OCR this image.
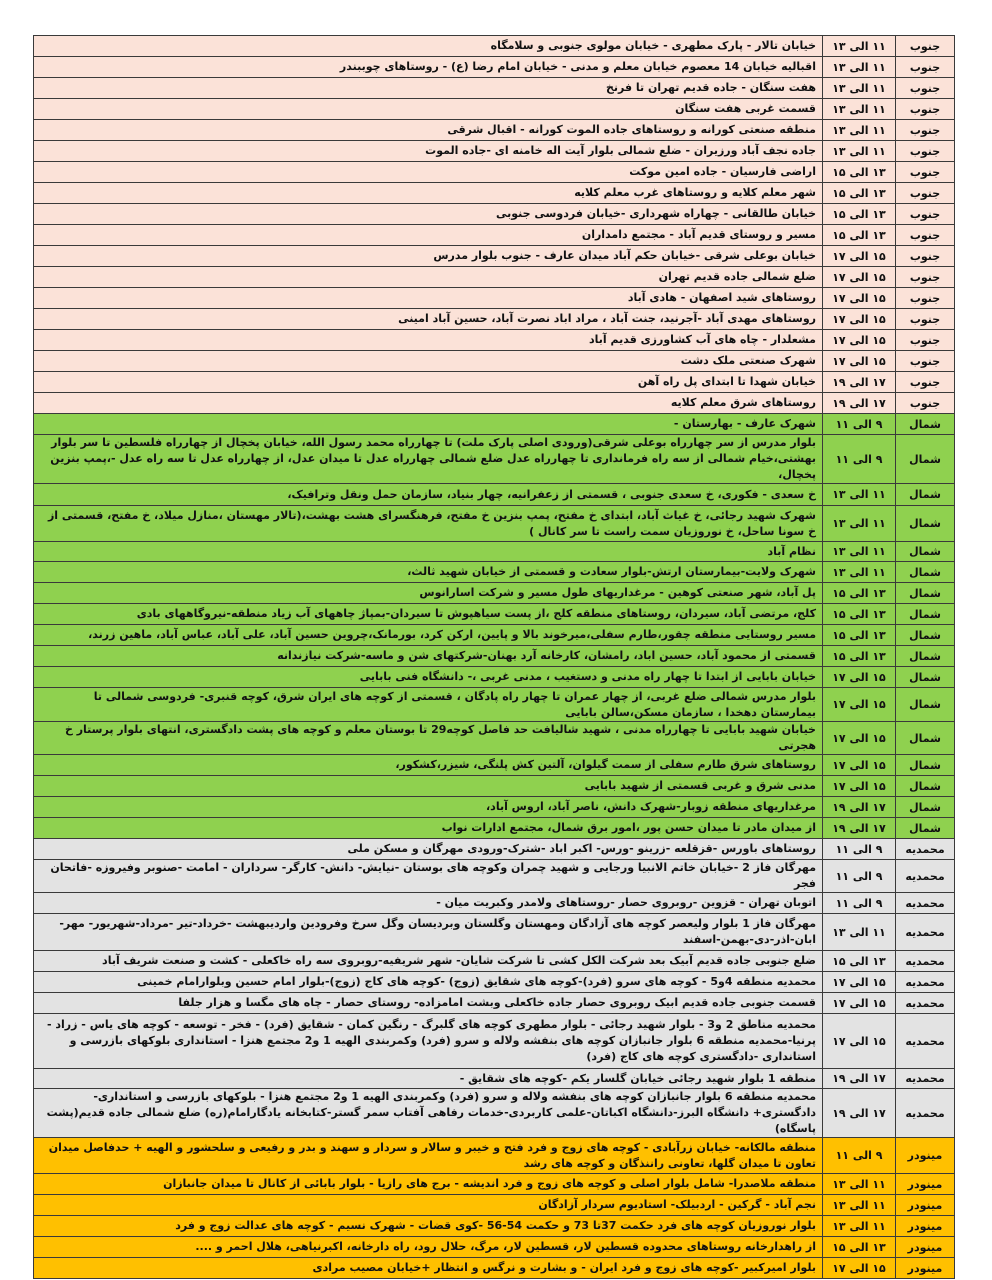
جنوب	۱۱ الی ۱۳	خیابان تالار - پارک مطهری - خیابان مولوی جنوبی و سلامگاه
جنوب	۱۱ الی ۱۳	اقبالیه خیابان 14 معصوم خیابان معلم و مدنی - خیابان امام رضا (ع) - روستاهای چوببندر
جنوب	۱۱ الی ۱۳	هفت سنگان - جاده قدیم تهران تا فرنخ
جنوب	۱۱ الی ۱۳	قسمت غربی هفت سنگان
جنوب	۱۱ الی ۱۳	منطقه صنعتی کورانه و روستاهای جاده الموت کورانه - اقبال شرقی
جنوب	۱۱ الی ۱۳	جاده نجف آباد ورزیران - ضلع شمالی بلوار آیت اله خامنه ای -جاده الموت
جنوب	۱۳ الی ۱۵	اراضی فارسیان - جاده امین موکت
جنوب	۱۳ الی ۱۵	شهر معلم کلایه و روستاهای غرب معلم کلایه
جنوب	۱۳ الی ۱۵	خیابان طالقانی - چهاراه شهرداری -خیابان فردوسی جنوبی
جنوب	۱۳ الی ۱۵	مسیر و روستای قدیم آباد - مجتمع دامداران
جنوب	۱۵ الی ۱۷	خیابان بوعلی شرقی -خیابان حکم آباد میدان عارف - جنوب بلوار مدرس
جنوب	۱۵ الی ۱۷	ضلع شمالی جاده قدیم تهران
جنوب	۱۵ الی ۱۷	روستاهای شید اصفهان - هادی آباد
جنوب	۱۵ الی ۱۷	روستاهای مهدی آباد -آجرنید، جنت آباد ، مراد اباد نصرت آباد، حسین آباد امینی
جنوب	۱۵ الی ۱۷	مشعلدار - چاه های آب کشاورزی قدیم آباد
جنوب	۱۵ الی ۱۷	شهرک صنعتی ملک دشت
جنوب	۱۷ الی ۱۹	خیابان شهدا تا ابتدای پل راه آهن
جنوب	۱۷ الی ۱۹	روستاهای شرق معلم کلایه
شمال	۹ الی ۱۱	شهرک عارف - بهارستان -
شمال	۹ الی ۱۱	بلوار مدرس از سر چهارراه بوعلی شرقی(ورودی اصلی پارک ملت) تا چهارراه محمد رسول الله، خیابان پخچال از چهارراه فلسطین تا سر بلوار بهشتی،خیام شمالی از سه راه فرمانداری تا چهارراه عدل ضلع شمالی چهارراه عدل تا میدان عدل، از چهارراه عدل تا سه راه عدل -،پمپ بنزین پخچال،
شمال	۱۱ الی ۱۳	خ سعدی - فکوری، خ سعدی جنوبی ، قسمتی از زعفرانیه، چهار بنیاد، سازمان حمل ونقل وترافیک،
شمال	۱۱ الی ۱۳	شهرک شهید رجائی، خ غیاث آباد، ابتدای خ مفتح، پمپ بنزین خ مفتح، فرهنگسرای هشت بهشت،(تالار مهستان ،منازل میلاد، خ مفتح، قسمتی از خ سونا ساحل، خ نوروزیان سمت راست تا سر کانال )
شمال	۱۱ الی ۱۳	نظام آباد
شمال	۱۱ الی ۱۳	شهرک ولایت-بیمارستان ارتش-بلوار سعادت و قسمتی از خیابان شهید ثالث،
شمال	۱۳ الی ۱۵	پل آباد، شهر صنعتی کوهین - مرغداریهای طول مسیر و شرکت اسارانوس
شمال	۱۳ الی ۱۵	کلج، مرتضی آباد، سیردان، روستاهای منطقه کلج ،از پست سیاهپوش تا سیردان-بمپاژ چاههای آب زیاد منطقه-نیروگاههای بادی
شمال	۱۳ الی ۱۵	مسیر روستایی منطقه چقور،طارم سفلی،میرخوند بالا و پایین، ارکن کرد، بورمانک،چروین حسین آباد، علی آباد، عباس آباد، ماهین زرند،
شمال	۱۳ الی ۱۵	قسمتی از محمود آباد، حسین اباد، رامشان، کارخانه آرد بهنان-شرکتهای شن و ماسه-شرکت نیازندانه
شمال	۱۵ الی ۱۷	خیابان بابایی از ابتدا تا چهار راه مدنی و دستغیب ، مدنی غربی ،- دانشگاه فنی بابایی
شمال	۱۵ الی ۱۷	بلوار مدرس شمالی ضلع غربی، از چهار عمران تا چهار راه پادگان ، قسمتی از کوچه های ایران شرق، کوچه قنبری- فردوسی شمالی تا بیمارستان دهخدا ، سازمان مسکن،سالن بابایی
شمال	۱۵ الی ۱۷	خیابان شهید بابایی تا چهارراه مدنی ، شهید شالیافت حد فاصل کوچه29 تا بوستان معلم و کوچه های پشت دادگستری، انتهای بلوار پرستار خ هجرتی
شمال	۱۵ الی ۱۷	روستاهای شرق طارم سفلی از سمت گیلوان، آلتین کش پلنگی، شیزر،کشکور،
شمال	۱۵ الی ۱۷	مدنی شرق و غربی قسمتی از شهید بابایی
شمال	۱۷ الی ۱۹	مرغداریهای منطقه زوبار-شهرک دانش، ناصر آباد، اروس آباد،
شمال	۱۷ الی ۱۹	از میدان مادر تا میدان حسن پور ،امور برق شمال، مجتمع ادارات نواب
محمدیه	۹ الی ۱۱	روستاهای باورس -قزقلعه -زرینو -ورس- اکبر اباد -شترک-ورودی مهرگان و مسکن ملی
محمدیه	۹ الی ۱۱	مهرگان فاز 2 -خیابان خاتم الانبیا ورجایی و شهید چمران وکوچه های بوستان -نیایش- دانش- کارگر- سرداران - امامت -صنوبر وفیروزه -فاتحان فجر
محمدیه	۹ الی ۱۱	اتوبان تهران - قزوین -روبروی حصار -روستاهای ولامدر وکبریت میان -
محمدیه	۱۱ الی ۱۳	مهرگان فاز 1 بلوار ولیعصر کوچه های آزادگان ومهستان وگلستان وبردیسان وگل سرخ وفرودین واردیبهشت -خرداد-تیر -مرداد-شهریور- مهر-ابان-اذر-دی-بهمن-اسفند
محمدیه	۱۳ الی ۱۵	ضلع جنوبی جاده قدیم آبیک بعد شرکت الکل کشی تا شرکت شایان- شهر شریفیه-روبروی سه راه خاکعلی - کشت و صنعت شریف آباد
محمدیه	۱۵ الی ۱۷	محمدیه منطقه 4و5 - کوچه های سرو (فرد)-کوچه های شقایق (زوج) -کوچه های کاج (زوج)-بلوار امام حسین وبلوارامام خمینی
محمدیه	۱۵ الی ۱۷	قسمت جنوبی جاده قدیم ابیک روبروی حصار جاده خاکعلی وبشت امامزاده- روستای حصار - چاه های مگسا و هزار جلفا
محمدیه	۱۵ الی ۱۷	محمدیه مناطق 2 و3 - بلوار شهید رجائی - بلوار مطهری کوچه های گلبرگ - رنگین کمان - شقایق (فرد) - فخر - توسعه - کوچه های یاس - زراد - پرنیا-محمدیه منطقه 6 بلوار جانبازان کوچه های بنفشه ولاله و سرو (فرد) وکمربندی الهیه 1 و2 مجتمع هنزا - استانداری بلوکهای بازرسی و استانداری -دادگستری کوچه های کاج (فرد)
محمدیه	۱۷ الی ۱۹	منطقه 1 بلوار شهید رجائی خیابان گلسار یکم -کوچه های شقایق -
محمدیه	۱۷ الی ۱۹	محمدیه منطقه 6 بلوار جانبازان کوچه های بنفشه ولاله و سرو (فرد) وکمربندی الهیه 1 و2 مجتمع هنزا - بلوکهای بازرسی و استانداری-دادگستری+ دانشگاه البرز-دانشگاه اکباتان-علمی کاربردی-خدمات رفاهی آفتاب سمر گستر-کتابخانه یادگارامام(ره) ضلع شمالی جاده قدیم(پشت پاسگاه)
مینودر	۹ الی ۱۱	منطقه مالکانه- خیابان زرآبادی - کوچه های زوج و فرد فتح و خیبر و سالار و سردار و سهند و بدر و رفیعی و سلحشور و الهیه + حدفاصل میدان تعاون تا میدان گلها، تعاونی راننذگان و کوچه های رشد
مینودر	۱۱ الی ۱۳	منطقه ملاصدرا- شامل بلوار اصلی و کوچه های زوج و فرد اندیشه - برج های رازیا - بلوار بابائی از کانال تا میدان جانبازان
مینودر	۱۱ الی ۱۳	نجم آباد - گرکین - اردبیلک- استادیوم سردار آزادگان
مینودر	۱۱ الی ۱۳	بلوار نوروزیان کوچه های فرد حکمت 37تا 73 و حکمت 54-56 -کوی قضات - شهرک نسیم - کوچه های عدالت زوج و فرد
مینودر	۱۳ الی ۱۵	از راهدارخانه روستاهای محدوده قسطین لار، قسطین لار، مرگ، حلال رود، راه دارخانه، اکبرنیاهی، هلال احمر و ....
مینودر	۱۵ الی ۱۷	بلوار امیرکبیر -کوچه های زوج و فرد ایران - و بشارت و نرگس و انتظار +خیابان مصیب مرادی
